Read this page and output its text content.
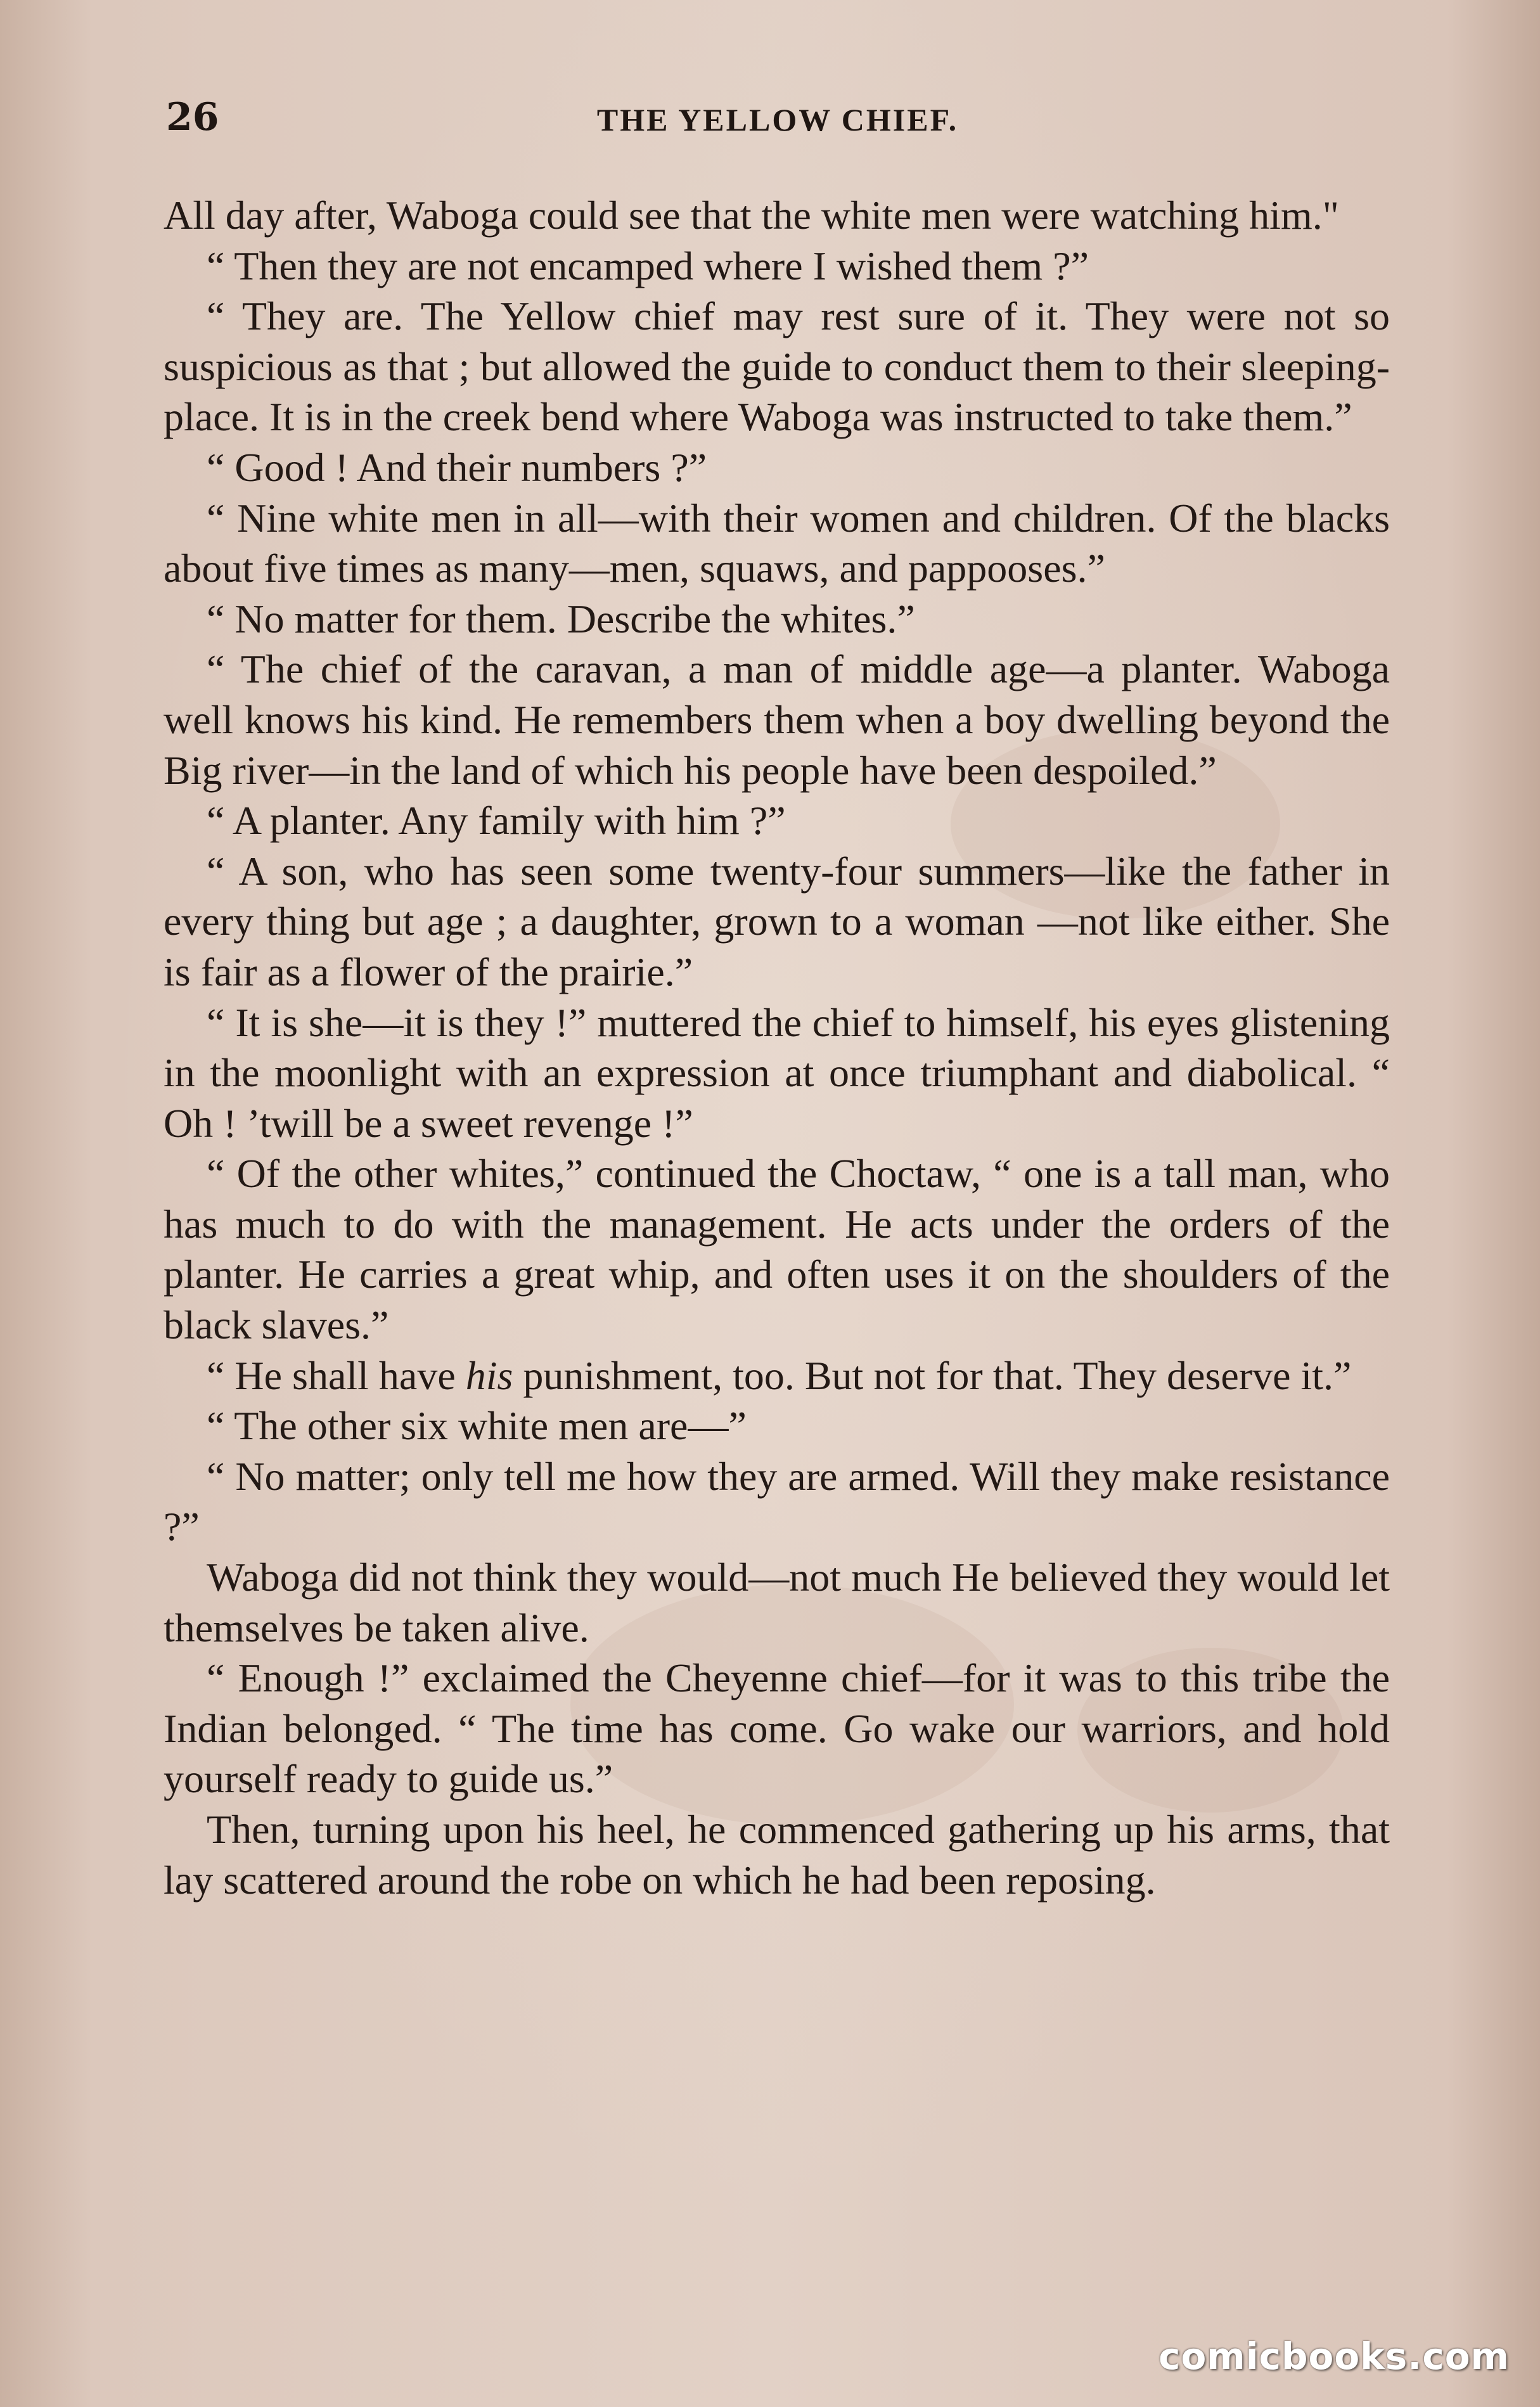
26	THE YELLOW CHIEF.

All day after, Waboga could see that the white men were watching him."

“ Then they are not encamped where I wished them ?”

“ They are. The Yellow chief may rest sure of it. They were not so suspicious as that ; but allowed the guide to conduct them to their sleeping-place. It is in the creek bend where Waboga was instructed to take them.”

“ Good ! And their numbers ?”

“ Nine white men in all—with their women and children. Of the blacks about five times as many—men, squaws, and pappooses.”

“ No matter for them. Describe the whites.”

“ The chief of the caravan, a man of middle age—a planter. Waboga well knows his kind. He remembers them when a boy dwelling beyond the Big river—in the land of which his people have been despoiled.”

“ A planter. Any family with him ?”

“ A son, who has seen some twenty-four summers—like the father in every thing but age ; a daughter, grown to a woman —not like either. She is fair as a flower of the prairie.”

“ It is she—it is they !” muttered the chief to himself, his eyes glistening in the moonlight with an expression at once triumphant and diabolical. “ Oh ! ’twill be a sweet revenge !”

“ Of the other whites,” continued the Choctaw, “ one is a tall man, who has much to do with the management. He acts under the orders of the planter. He carries a great whip, and often uses it on the shoulders of the black slaves.”

“ He shall have his punishment, too. But not for that. They deserve it.”

“ The other six white men are—”

“ No matter; only tell me how they are armed. Will they make resistance ?”

Waboga did not think they would—not much He believed they would let themselves be taken alive.

“ Enough !” exclaimed the Cheyenne chief—for it was to this tribe the Indian belonged. “ The time has come. Go wake our warriors, and hold yourself ready to guide us.”

Then, turning upon his heel, he commenced gathering up his arms, that lay scattered around the robe on which he had been reposing.

comicbooks.com
